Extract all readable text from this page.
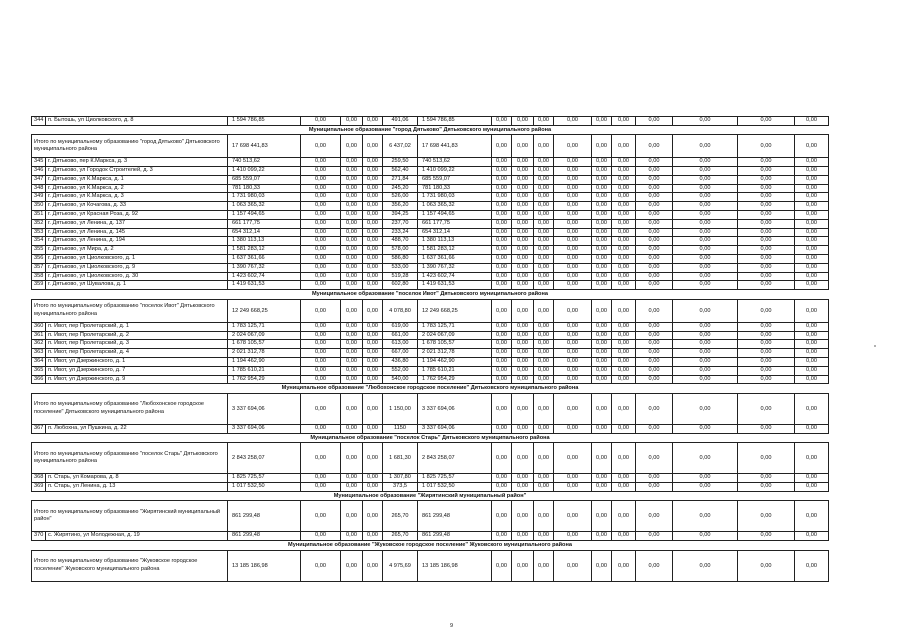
344	п. Бытошь, ул Циолковского, д. 8	1 594 786,85	0,00	0,00	0,00	491,06	1 594 786,85	0,00	0,00	0,00	0,00	0,00	0,00	0,00	0,00	0,00	0,00
Муниципальное образование "город Дятьково" Дятьковского муниципального района																	
Итого по муниципальному образованию "город Дятьково" Дятьковского муниципального района		17 698 441,83	0,00	0,00	0,00	6 437,02	17 698 441,83	0,00	0,00	0,00	0,00	0,00	0,00	0,00	0,00	0,00	0,00
345	г. Дятьково, пер К.Маркса, д. 3	740 513,62	0,00	0,00	0,00	259,50	740 513,62	0,00	0,00	0,00	0,00	0,00	0,00	0,00	0,00	0,00	0,00
346	г. Дятьково, ул Городок Строителей, д. 3	1 410 099,22	0,00	0,00	0,00	562,40	1 410 099,22	0,00	0,00	0,00	0,00	0,00	0,00	0,00	0,00	0,00	0,00
347	г. Дятьково, ул К.Маркса, д. 1	685 559,07	0,00	0,00	0,00	271,84	685 559,07	0,00	0,00	0,00	0,00	0,00	0,00	0,00	0,00	0,00	0,00
348	г. Дятьково, ул К.Маркса, д. 2	781 180,33	0,00	0,00	0,00	245,20	781 180,33	0,00	0,00	0,00	0,00	0,00	0,00	0,00	0,00	0,00	0,00
349	г. Дятьково, ул К.Маркса, д. 3	1 731 980,03	0,00	0,00	0,00	526,00	1 731 980,03	0,00	0,00	0,00	0,00	0,00	0,00	0,00	0,00	0,00	0,00
350	г. Дятьково, ул Кочагова, д. 33	1 063 365,32	0,00	0,00	0,00	356,20	1 063 365,32	0,00	0,00	0,00	0,00	0,00	0,00	0,00	0,00	0,00	0,00
351	г. Дятьково, ул Красная Роза, д. 92	1 157 494,65	0,00	0,00	0,00	394,25	1 157 494,65	0,00	0,00	0,00	0,00	0,00	0,00	0,00	0,00	0,00	0,00
352	г. Дятьково, ул Ленина, д. 137	661 177,75	0,00	0,00	0,00	237,70	661 177,75	0,00	0,00	0,00	0,00	0,00	0,00	0,00	0,00	0,00	0,00
353	г. Дятьково, ул Ленина, д. 145	654 312,14	0,00	0,00	0,00	233,24	654 312,14	0,00	0,00	0,00	0,00	0,00	0,00	0,00	0,00	0,00	0,00
354	г. Дятьково, ул Ленина, д. 194	1 380 113,13	0,00	0,00	0,00	488,70	1 380 113,13	0,00	0,00	0,00	0,00	0,00	0,00	0,00	0,00	0,00	0,00
355	г. Дятьково, ул Мира, д. 2	1 581 283,12	0,00	0,00	0,00	578,00	1 581 283,12	0,00	0,00	0,00	0,00	0,00	0,00	0,00	0,00	0,00	0,00
356	г. Дятьково, ул Циолковского, д. 1	1 637 361,66	0,00	0,00	0,00	586,80	1 637 361,66	0,00	0,00	0,00	0,00	0,00	0,00	0,00	0,00	0,00	0,00
357	г. Дятьково, ул Циолковского, д. 9	1 390 767,32	0,00	0,00	0,00	533,00	1 390 767,32	0,00	0,00	0,00	0,00	0,00	0,00	0,00	0,00	0,00	0,00
358	г. Дятьково, ул Циолковского, д. 30	1 423 602,74	0,00	0,00	0,00	519,28	1 423 602,74	0,00	0,00	0,00	0,00	0,00	0,00	0,00	0,00	0,00	0,00
359	г. Дятьково, ул Шуваловa, д. 1	1 419 631,53	0,00	0,00	0,00	602,80	1 419 631,53	0,00	0,00	0,00	0,00	0,00	0,00	0,00	0,00	0,00	0,00
Муниципальное образование "поселок Ивот" Дятьковского муниципального района																	
Итого по муниципальному образованию "поселок Ивот" Дятьковского муниципального района		12 249 668,25	0,00	0,00	0,00	4 078,80	12 249 668,25	0,00	0,00	0,00	0,00	0,00	0,00	0,00	0,00	0,00	0,00
360	п. Ивот, пер Пролетарский, д. 1	1 783 125,71	0,00	0,00	0,00	619,00	1 783 125,71	0,00	0,00	0,00	0,00	0,00	0,00	0,00	0,00	0,00	0,00
361	п. Ивот, пер Пролетарский, д. 2	2 024 067,09	0,00	0,00	0,00	661,00	2 024 067,09	0,00	0,00	0,00	0,00	0,00	0,00	0,00	0,00	0,00	0,00
362	п. Ивот, пер Пролетарский, д. 3	1 678 105,57	0,00	0,00	0,00	613,00	1 678 105,57	0,00	0,00	0,00	0,00	0,00	0,00	0,00	0,00	0,00	0,00
363	п. Ивот, пер Пролетарский, д. 4	2 021 312,78	0,00	0,00	0,00	667,00	2 021 312,78	0,00	0,00	0,00	0,00	0,00	0,00	0,00	0,00	0,00	0,00
364	п. Ивот, ул Дзержинского, д. 1	1 194 462,90	0,00	0,00	0,00	436,80	1 194 462,90	0,00	0,00	0,00	0,00	0,00	0,00	0,00	0,00	0,00	0,00
365	п. Ивот, ул Дзержинского, д. 7	1 785 610,21	0,00	0,00	0,00	552,00	1 785 610,21	0,00	0,00	0,00	0,00	0,00	0,00	0,00	0,00	0,00	0,00
366	п. Ивот, ул Дзержинского, д. 9	1 762 954,29	0,00	0,00	0,00	540,00	1 762 954,29	0,00	0,00	0,00	0,00	0,00	0,00	0,00	0,00	0,00	0,00
Муниципальное образование "Любохонское городское поселение" Дятьковского муниципального района																	
Итого по муниципальному образованию "Любохонское городское поселение" Дятьковского муниципального района		3 337 694,06	0,00	0,00	0,00	1 150,00	3 337 694,06	0,00	0,00	0,00	0,00	0,00	0,00	0,00	0,00	0,00	0,00
367	п. Любохна, ул Пушкина, д. 22	3 337 694,06	0,00	0,00	0,00	1150	3 337 694,06	0,00	0,00	0,00	0,00	0,00	0,00	0,00	0,00	0,00	0,00
Муниципальное образование "поселок Старь" Дятьковского муниципального района																	
Итого по муниципальному образованию "поселок Старь" Дятьковского муниципального района		2 843 258,07	0,00	0,00	0,00	1 681,30	2 843 258,07	0,00	0,00	0,00	0,00	0,00	0,00	0,00	0,00	0,00	0,00
368	п. Старь, ул Комарова, д. 8	1 825 725,57	0,00	0,00	0,00	1 307,80	1 825 725,57	0,00	0,00	0,00	0,00	0,00	0,00	0,00	0,00	0,00	0,00
369	п. Старь, ул Ленина, д. 13	1 017 532,50	0,00	0,00	0,00	373,5	1 017 532,50	0,00	0,00	0,00	0,00	0,00	0,00	0,00	0,00	0,00	0,00
Муниципальное образование "Жирятинский муниципальный район"																	
Итого по муниципальному образованию "Жирятинский муниципальный район"		861 299,48	0,00	0,00	0,00	265,70	861 299,48	0,00	0,00	0,00	0,00	0,00	0,00	0,00	0,00	0,00	0,00
370	с. Жирятино, ул Молодежная, д. 19	861 299,48	0,00	0,00	0,00	265,70	861 299,48	0,00	0,00	0,00	0,00	0,00	0,00	0,00	0,00	0,00	0,00
Муниципальное образование "Жуковское городское поселение" Жуковского муниципального района																	
Итого по муниципальному образованию "Жуковское городское поселение" Жуковского муниципального района		13 185 186,98	0,00	0,00	0,00	4 975,69	13 185 186,98	0,00	0,00	0,00	0,00	0,00	0,00	0,00	0,00	0,00	0,00
9
